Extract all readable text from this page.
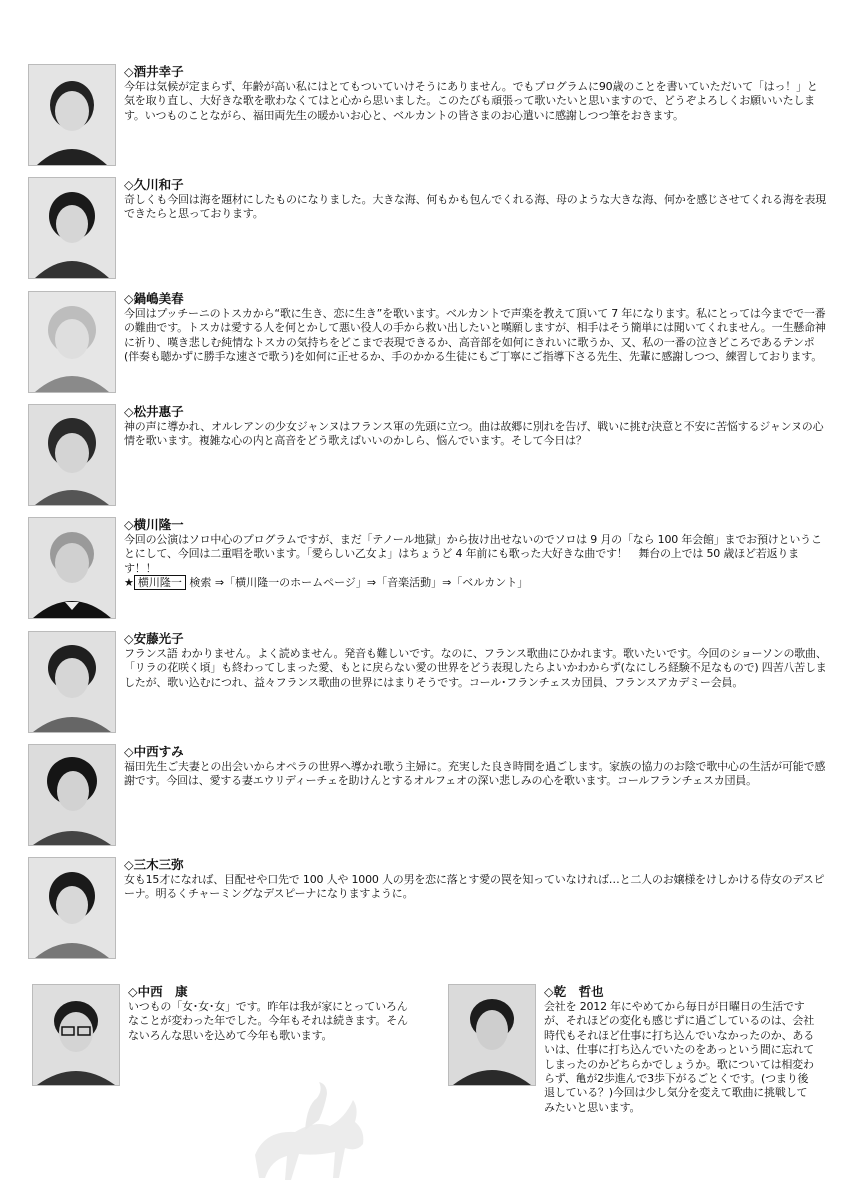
◇酒井幸子

今年は気候が定まらず、年齢が高い私にはとてもついていけそうにありません。でもプログラムに90歳のことを書いていただいて「はっ！」と気を取り直し、大好きな歌を歌わなくてはと心から思いました。このたびも頑張って歌いたいと思いますので、どうぞよろしくお願いいたします。いつものことながら、福田両先生の暖かいお心と、ベルカントの皆さまのお心遣いに感謝しつつ筆をおきます。

◇久川和子

奇しくも今回は海を題材にしたものになりました。大きな海、何もかも包んでくれる海、母のような大きな海、何かを感じさせてくれる海を表現できたらと思っております。

◇鍋嶋美春

今回はプッチーニのトスカから“歌に生き、恋に生き”を歌います。ベルカントで声楽を教えて頂いて 7 年になります。私にとっては今までで一番の難曲です。トスカは愛する人を何とかして悪い役人の手から救い出したいと嘆願しますが、相手はそう簡単には聞いてくれません。一生懸命神に祈り、嘆き悲しむ純情なトスカの気持ちをどこまで表現できるか、高音部を如何にきれいに歌うか、又、私の一番の泣きどころであるテンポ(伴奏も聴かずに勝手な速さで歌う)を如何に正せるか、手のかかる生徒にもご丁寧にご指導下さる先生、先輩に感謝しつつ、練習しております。

◇松井惠子

神の声に導かれ、オルレアンの少女ジャンヌはフランス軍の先頭に立つ。曲は故郷に別れを告げ、戦いに挑む決意と不安に苦悩するジャンヌの心情を歌います。複雑な心の内と高音をどう歌えばいいのかしら、悩んでいます。そして今日は？

◇横川隆一

今回の公演はソロ中心のプログラムですが、まだ「テノール地獄」から抜け出せないのでソロは 9 月の「なら 100 年会館」までお預けということにして、今回は二重唱を歌います。「愛らしい乙女よ」はちょうど 4 年前にも歌った大好きな曲です！　舞台の上では 50 歳ほど若返ります！！

★ 横川隆一 検索 ⇒「横川隆一のホームページ」⇒「音楽活動」⇒「ベルカント」

◇安藤光子

フランス語 わかりません。よく読めません。発音も難しいです。なのに、フランス歌曲にひかれます。歌いたいです。今回のショーソンの歌曲、「リラの花咲く頃」も終わってしまった愛、もとに戻らない愛の世界をどう表現したらよいかわからず(なにしろ経験不足なもので) 四苦八苦しましたが、歌い込むにつれ、益々フランス歌曲の世界にはまりそうです。コール･フランチェスカ団員、フランスアカデミー会員。

◇中西すみ

福田先生ご夫妻との出会いからオペラの世界へ導かれ歌う主婦に。充実した良き時間を過ごします。家族の協力のお陰で歌中心の生活が可能で感謝です。今回は、愛する妻エウリディーチェを助けんとするオルフェオの深い悲しみの心を歌います。コールフランチェスカ団員。

◇三木三弥

女も15才になれば、目配せや口先で 100 人や 1000 人の男を恋に落とす愛の罠を知っていなければ…と二人のお嬢様をけしかける侍女のデスピーナ。明るくチャーミングなデスピーナになりますように。

◇中西　康

いつもの「女･女･女」です。昨年は我が家にとっていろんなことが変わった年でした。今年もそれは続きます。そんないろんな思いを込めて今年も歌います。

◇乾　哲也

会社を 2012 年にやめてから毎日が日曜日の生活ですが、それほどの変化も感じずに過ごしているのは、会社時代もそれほど仕事に打ち込んでいなかったのか、あるいは、仕事に打ち込んでいたのをあっという間に忘れてしまったのかどちらかでしょうか。歌については相変わらず、亀が2歩進んで3歩下がるごとくです。(つまり後退している？)今回は少し気分を変えて歌曲に挑戦してみたいと思います。
